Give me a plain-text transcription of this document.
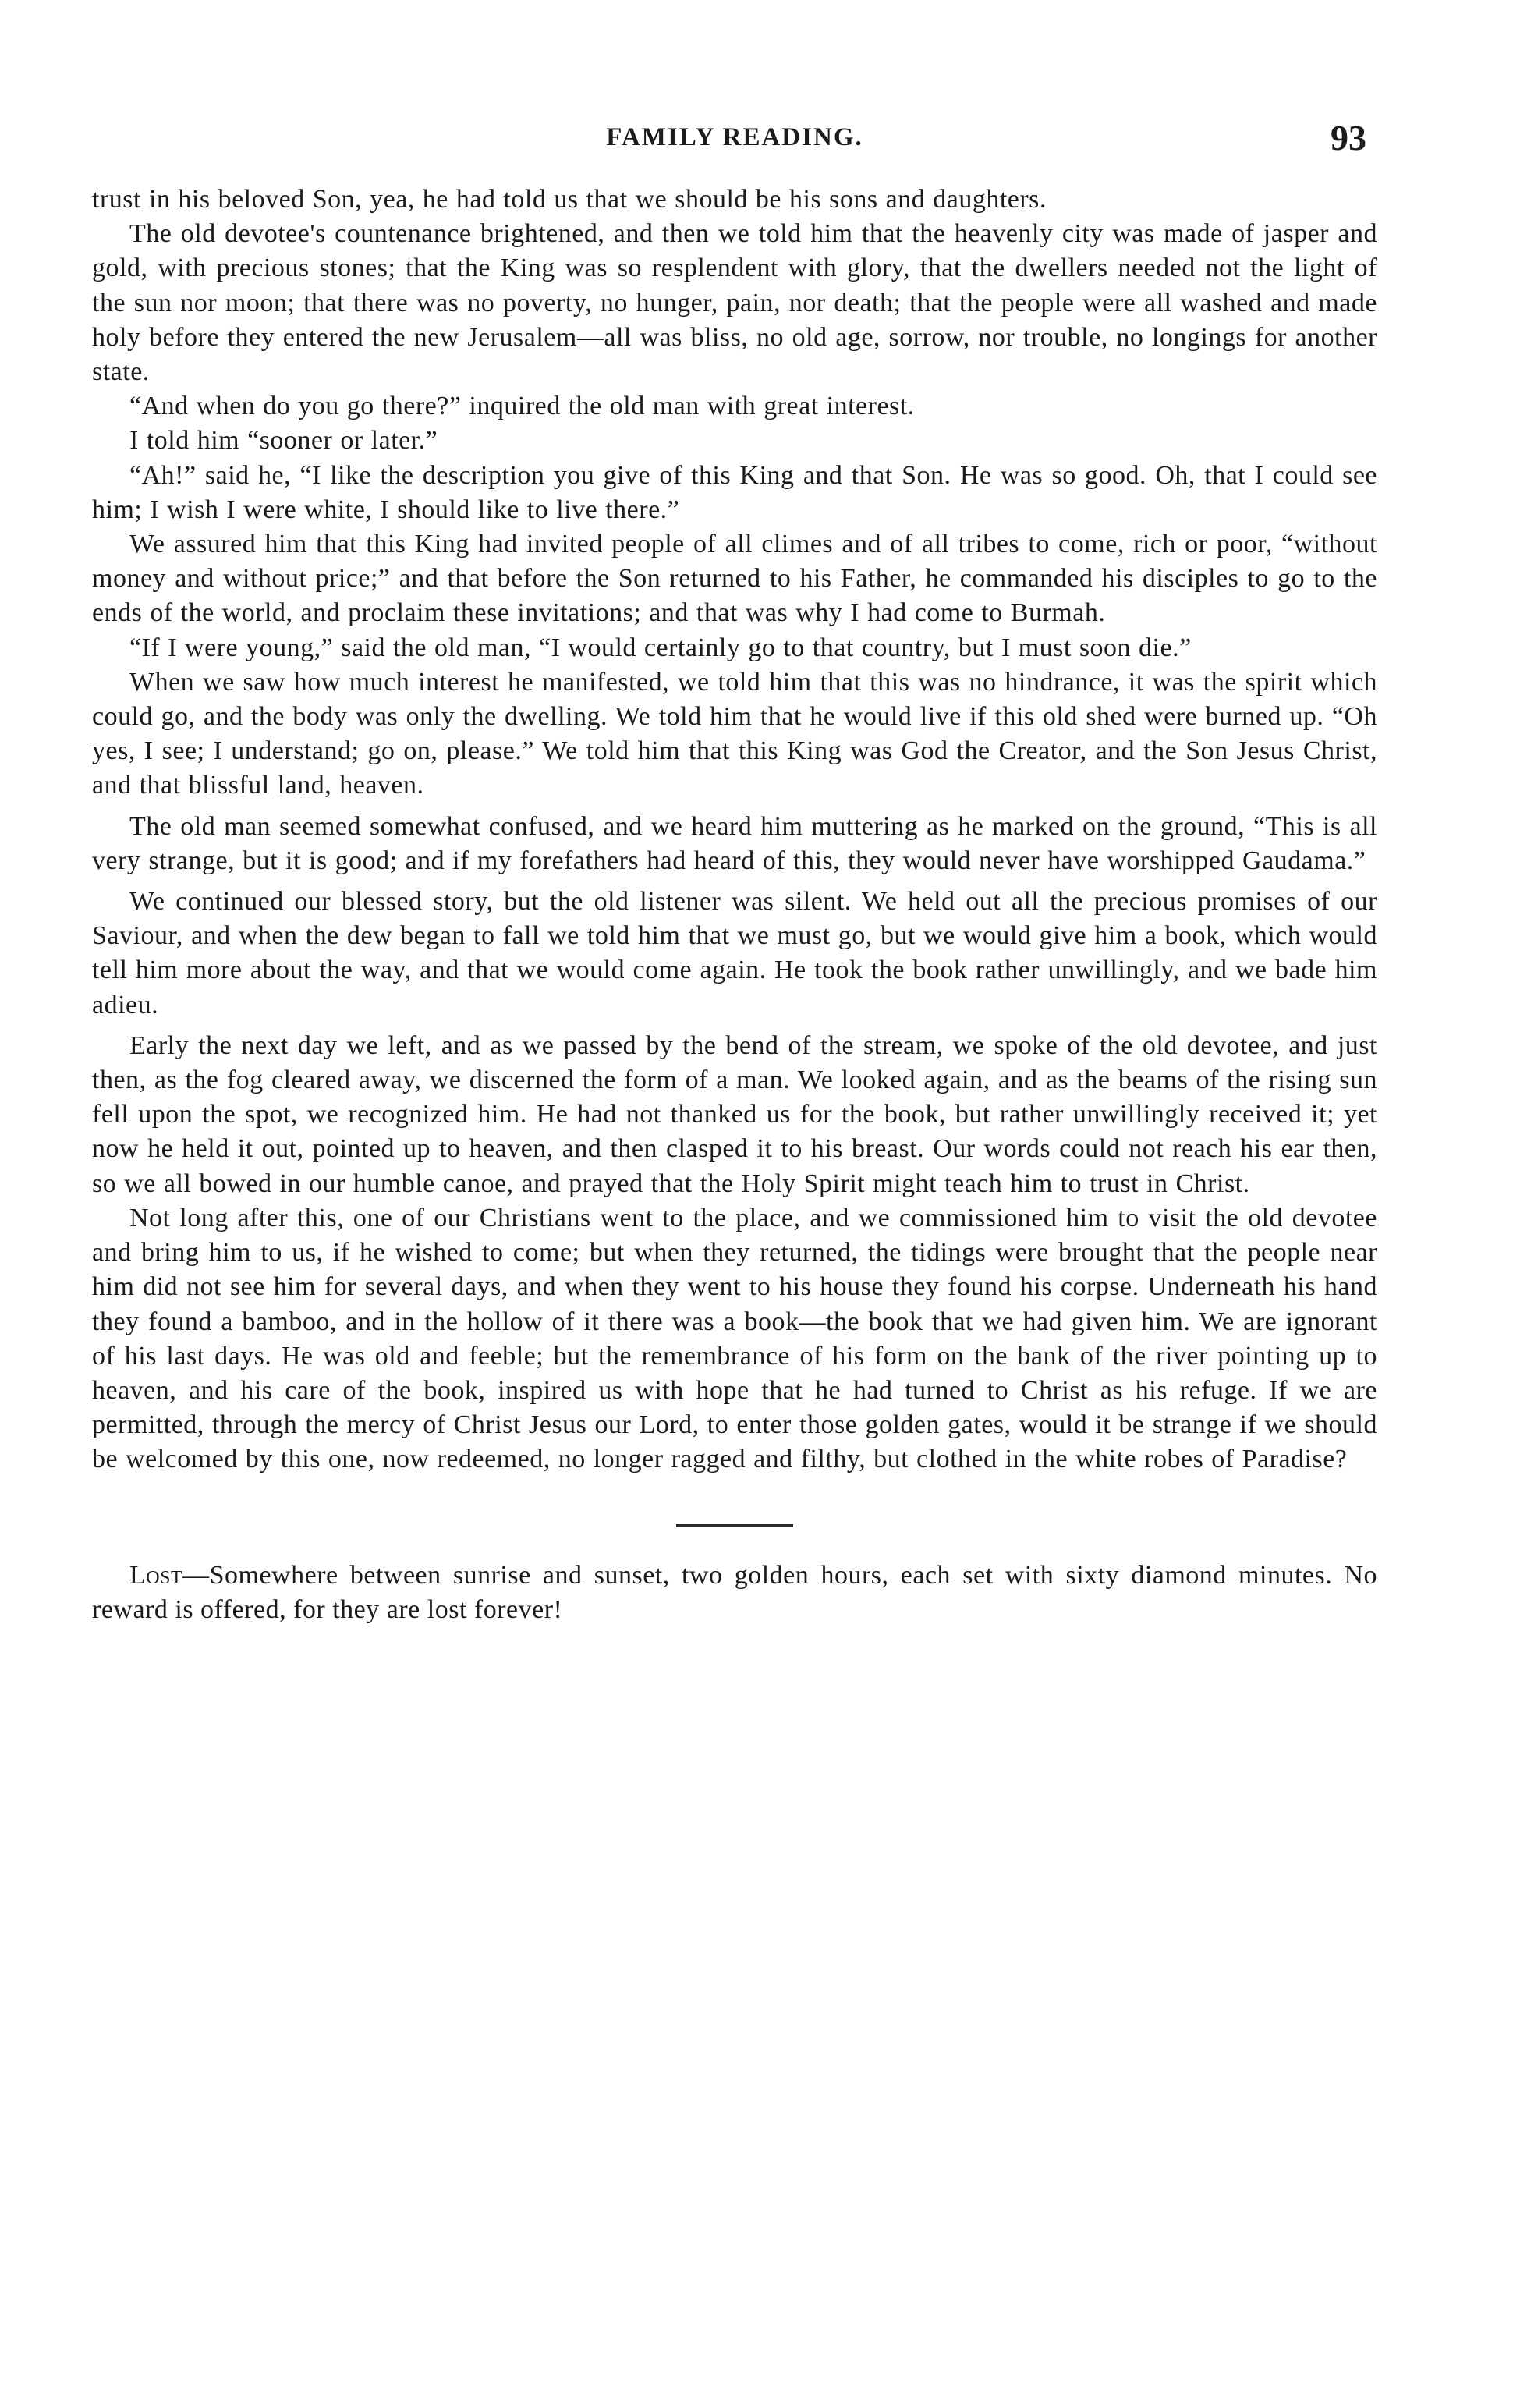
FAMILY READING.	93

trust in his beloved Son, yea, he had told us that we should be his sons and daughters.

The old devotee's countenance brightened, and then we told him that the heavenly city was made of jasper and gold, with precious stones; that the King was so resplendent with glory, that the dwellers needed not the light of the sun nor moon; that there was no poverty, no hunger, pain, nor death; that the people were all washed and made holy before they entered the new Jerusalem—all was bliss, no old age, sorrow, nor trouble, no longings for another state.

“And when do you go there?” inquired the old man with great interest.

I told him “sooner or later.”

“Ah!” said he, “I like the description you give of this King and that Son. He was so good. Oh, that I could see him; I wish I were white, I should like to live there.”

We assured him that this King had invited people of all climes and of all tribes to come, rich or poor, “without money and without price;” and that before the Son returned to his Father, he commanded his disciples to go to the ends of the world, and proclaim these invitations; and that was why I had come to Burmah.

“If I were young,” said the old man, “I would certainly go to that country, but I must soon die.”

When we saw how much interest he manifested, we told him that this was no hindrance, it was the spirit which could go, and the body was only the dwelling. We told him that he would live if this old shed were burned up. “Oh yes, I see; I understand; go on, please.” We told him that this King was God the Creator, and the Son Jesus Christ, and that blissful land, heaven.

The old man seemed somewhat confused, and we heard him muttering as he marked on the ground, “This is all very strange, but it is good; and if my forefathers had heard of this, they would never have worshipped Gaudama.”

We continued our blessed story, but the old listener was silent. We held out all the precious promises of our Saviour, and when the dew began to fall we told him that we must go, but we would give him a book, which would tell him more about the way, and that we would come again. He took the book rather unwillingly, and we bade him adieu.

Early the next day we left, and as we passed by the bend of the stream, we spoke of the old devotee, and just then, as the fog cleared away, we discerned the form of a man. We looked again, and as the beams of the rising sun fell upon the spot, we recognized him. He had not thanked us for the book, but rather unwillingly received it; yet now he held it out, pointed up to heaven, and then clasped it to his breast. Our words could not reach his ear then, so we all bowed in our humble canoe, and prayed that the Holy Spirit might teach him to trust in Christ.

Not long after this, one of our Christians went to the place, and we commissioned him to visit the old devotee and bring him to us, if he wished to come; but when they returned, the tidings were brought that the people near him did not see him for several days, and when they went to his house they found his corpse. Underneath his hand they found a bamboo, and in the hollow of it there was a book—the book that we had given him. We are ignorant of his last days. He was old and feeble; but the remembrance of his form on the bank of the river pointing up to heaven, and his care of the book, inspired us with hope that he had turned to Christ as his refuge. If we are permitted, through the mercy of Christ Jesus our Lord, to enter those golden gates, would it be strange if we should be welcomed by this one, now redeemed, no longer ragged and filthy, but clothed in the white robes of Paradise?

Lost—Somewhere between sunrise and sunset, two golden hours, each set with sixty diamond minutes. No reward is offered, for they are lost forever!
